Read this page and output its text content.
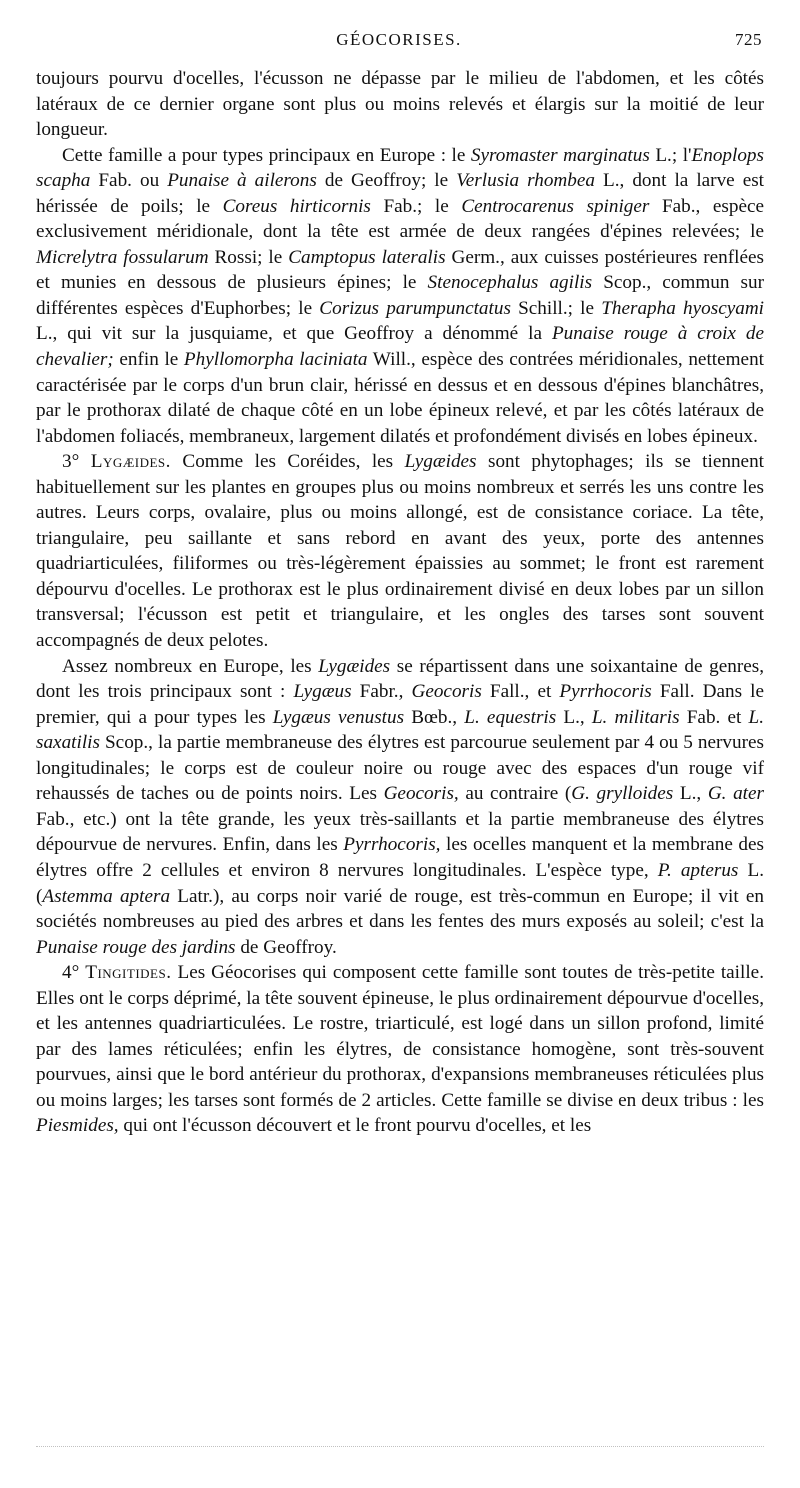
GÉOCORISES.	725

toujours pourvu d'ocelles, l'écusson ne dépasse par le milieu de l'abdomen, et les côtés latéraux de ce dernier organe sont plus ou moins relevés et élargis sur la moitié de leur longueur.

Cette famille a pour types principaux en Europe : le Syromaster marginatus L.; l'Enoplops scapha Fab. ou Punaise à ailerons de Geoffroy; le Verlusia rhombea L., dont la larve est hérissée de poils; le Coreus hirticornis Fab.; le Centrocarenus spiniger Fab., espèce exclusivement méridionale, dont la tête est armée de deux rangées d'épines relevées; le Micrelytra fossularum Rossi; le Camptopus lateralis Germ., aux cuisses postérieures renflées et munies en dessous de plusieurs épines; le Stenocephalus agilis Scop., commun sur différentes espèces d'Euphorbes; le Corizus parumpunctatus Schill.; le Therapha hyoscyami L., qui vit sur la jusquiame, et que Geoffroy a dénommé la Punaise rouge à croix de chevalier; enfin le Phyllomorpha laciniata Will., espèce des contrées méridionales, nettement caractérisée par le corps d'un brun clair, hérissé en dessus et en dessous d'épines blanchâtres, par le prothorax dilaté de chaque côté en un lobe épineux relevé, et par les côtés latéraux de l'abdomen foliacés, membraneux, largement dilatés et profondément divisés en lobes épineux.

3° Lygæides. Comme les Coréides, les Lygæides sont phytophages; ils se tiennent habituellement sur les plantes en groupes plus ou moins nombreux et serrés les uns contre les autres. Leurs corps, ovalaire, plus ou moins allongé, est de consistance coriace. La tête, triangulaire, peu saillante et sans rebord en avant des yeux, porte des antennes quadriarticulées, filiformes ou très-légèrement épaissies au sommet; le front est rarement dépourvu d'ocelles. Le prothorax est le plus ordinairement divisé en deux lobes par un sillon transversal; l'écusson est petit et triangulaire, et les ongles des tarses sont souvent accompagnés de deux pelotes.

Assez nombreux en Europe, les Lygæides se répartissent dans une soixantaine de genres, dont les trois principaux sont : Lygæus Fabr., Geocoris Fall., et Pyrrhocoris Fall. Dans le premier, qui a pour types les Lygæus venustus Bœb., L. equestris L., L. militaris Fab. et L. saxatilis Scop., la partie membraneuse des élytres est parcourue seulement par 4 ou 5 nervures longitudinales; le corps est de couleur noire ou rouge avec des espaces d'un rouge vif rehaussés de taches ou de points noirs. Les Geocoris, au contraire (G. grylloides L., G. ater Fab., etc.) ont la tête grande, les yeux très-saillants et la partie membraneuse des élytres dépourvue de nervures. Enfin, dans les Pyrrhocoris, les ocelles manquent et la membrane des élytres offre 2 cellules et environ 8 nervures longitudinales. L'espèce type, P. apterus L. (Astemma aptera Latr.), au corps noir varié de rouge, est très-commun en Europe; il vit en sociétés nombreuses au pied des arbres et dans les fentes des murs exposés au soleil; c'est la Punaise rouge des jardins de Geoffroy.

4° Tingitides. Les Géocorises qui composent cette famille sont toutes de très-petite taille. Elles ont le corps déprimé, la tête souvent épineuse, le plus ordinairement dépourvue d'ocelles, et les antennes quadriarticulées. Le rostre, triarticulé, est logé dans un sillon profond, limité par des lames réticulées; enfin les élytres, de consistance homogène, sont très-souvent pourvues, ainsi que le bord antérieur du prothorax, d'expansions membraneuses réticulées plus ou moins larges; les tarses sont formés de 2 articles. Cette famille se divise en deux tribus : les Piesmides, qui ont l'écusson découvert et le front pourvu d'ocelles, et les
